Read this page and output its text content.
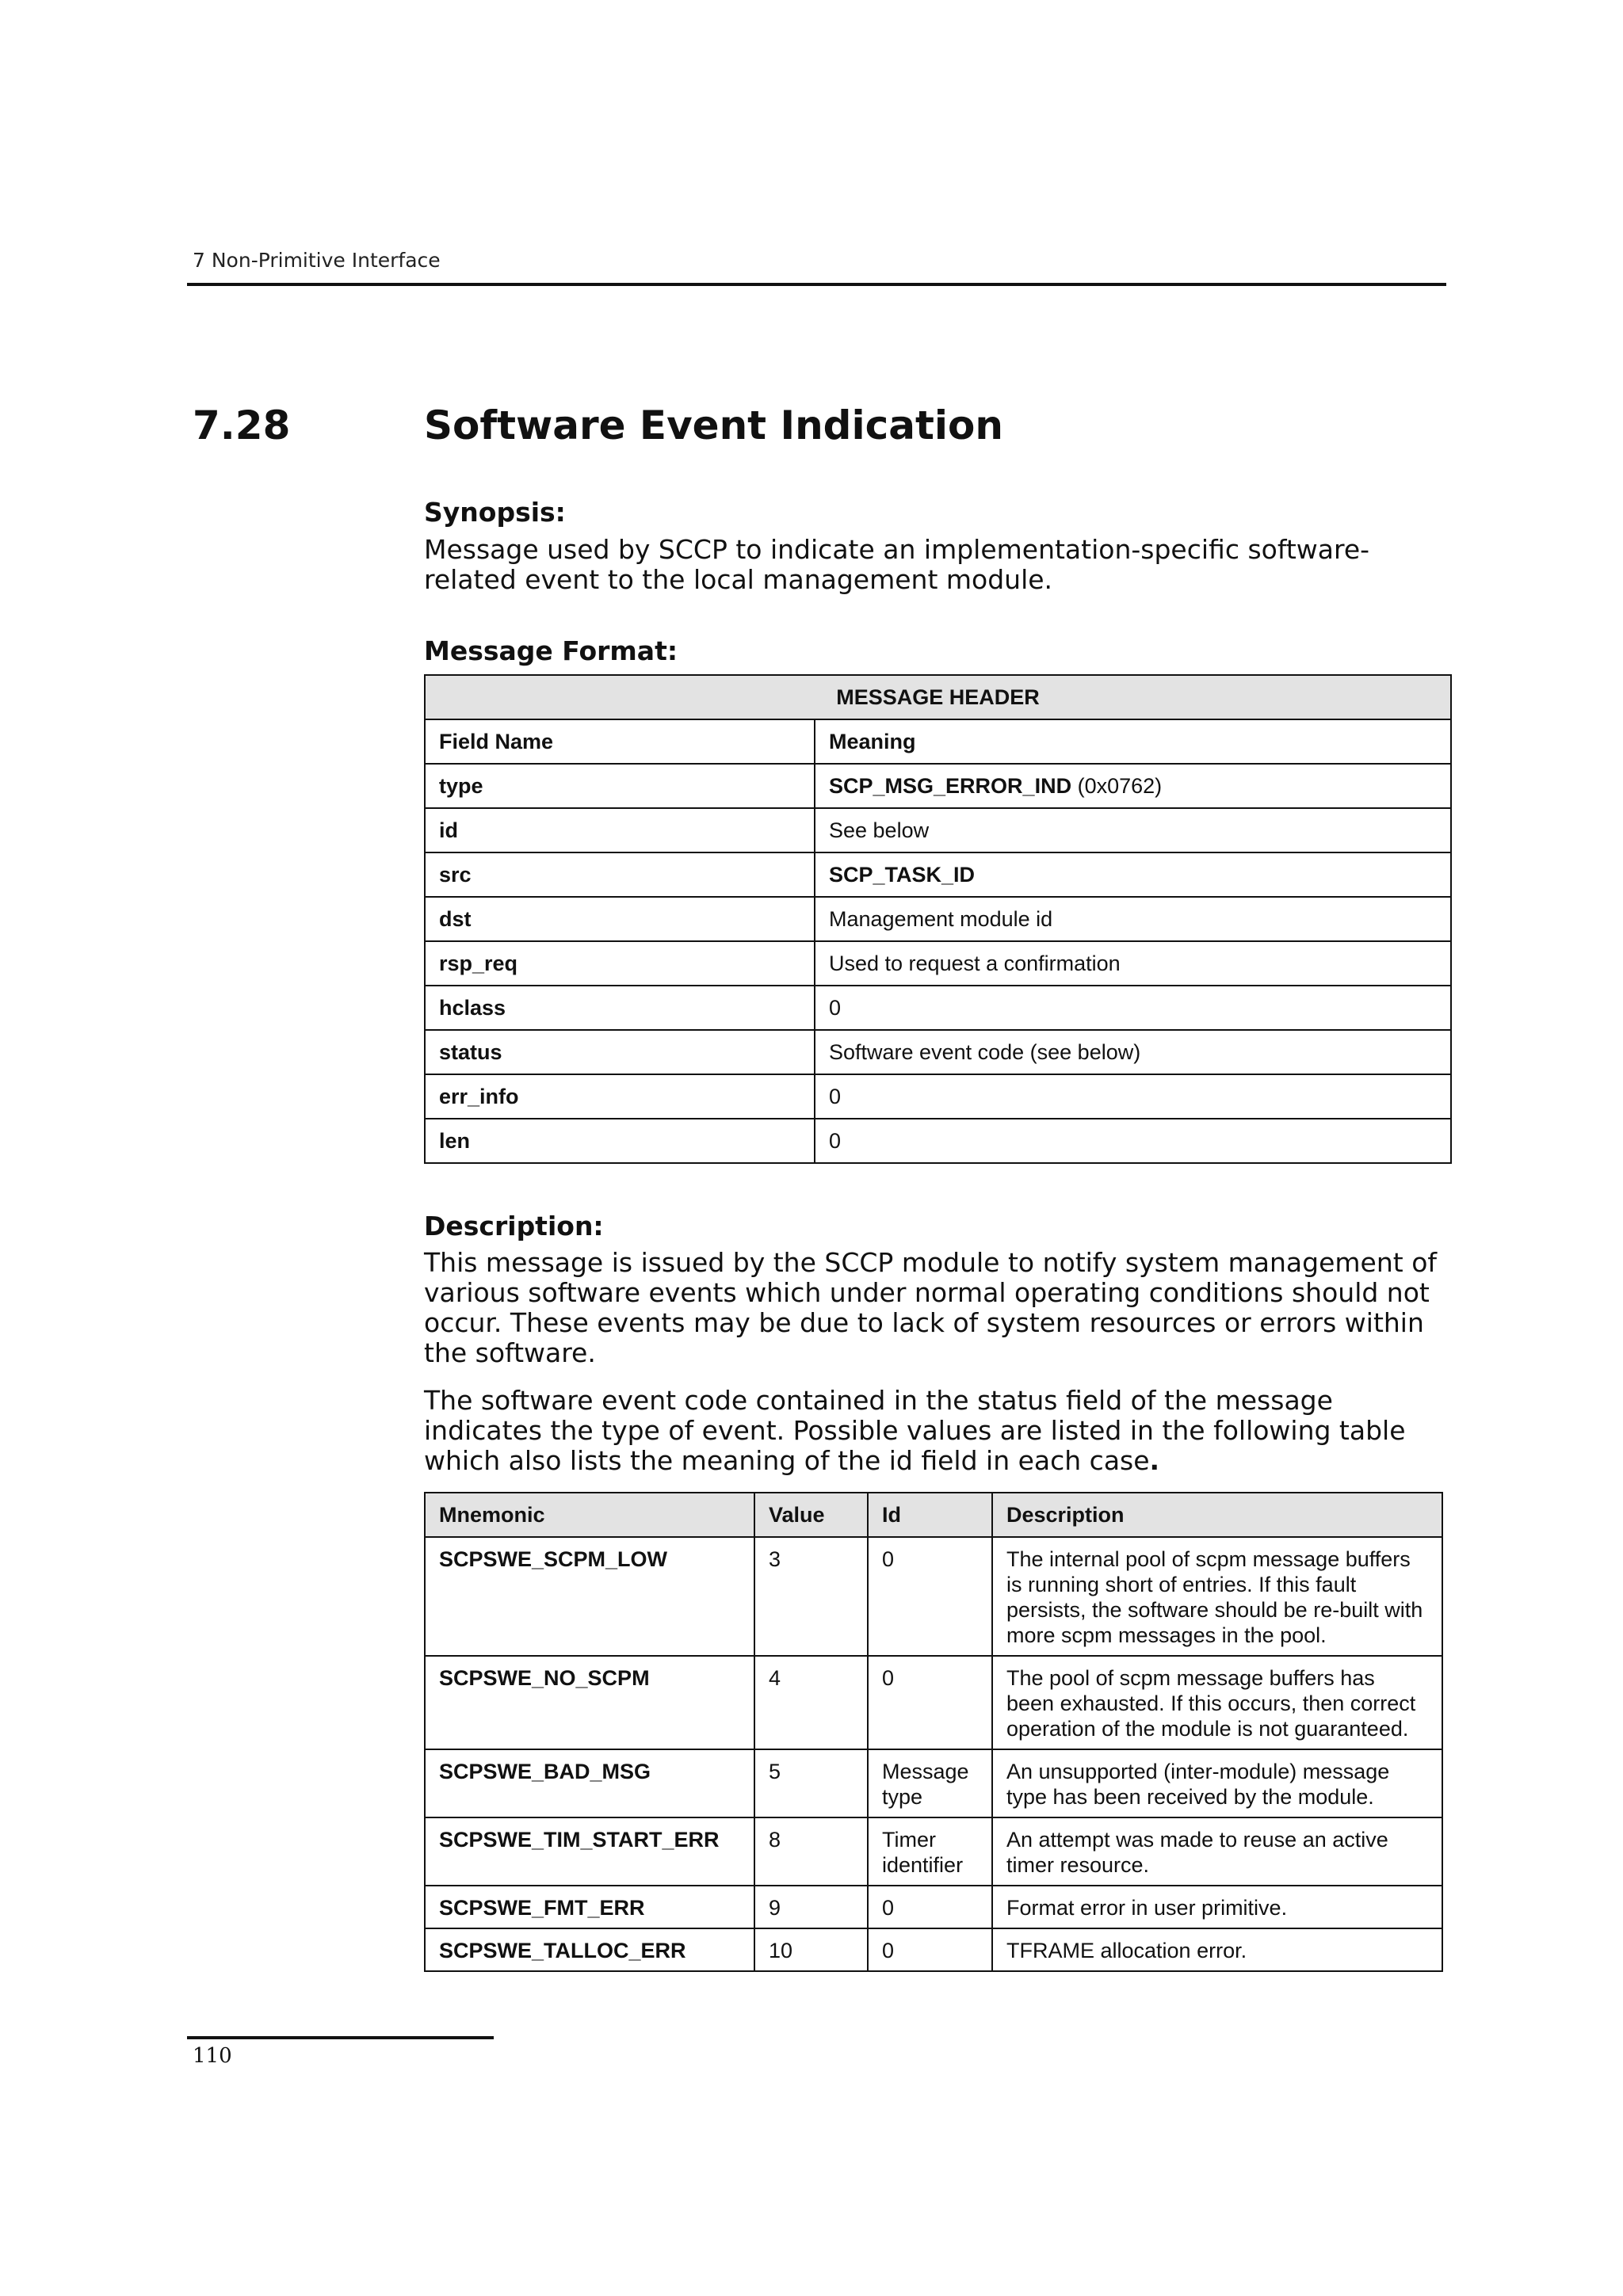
7 Non-Primitive Interface
7.28	Software Event Indication
Synopsis:

Message used by SCCP to indicate an implementation-specific software-related event to the local management module.

Message Format:
MESSAGE HEADER	
Field Name	Meaning
type	SCP_MSG_ERROR_IND (0x0762)
id	See below
src	SCP_TASK_ID
dst	Management module id
rsp_req	Used to request a confirmation
hclass	0
status	Software event code (see below)
err_info	0
len	0
Description:

This message is issued by the SCCP module to notify system management of various software events which under normal operating conditions should not occur. These events may be due to lack of system resources or errors within the software.

The software event code contained in the status field of the message indicates the type of event. Possible values are listed in the following table which also lists the meaning of the id field in each case.

Mnemonic	Value	Id	Description
SCPSWE_SCPM_LOW	3	0	The internal pool of scpm message buffers is running short of entries. If this fault persists, the software should be re-built with more scpm messages in the pool.
SCPSWE_NO_SCPM	4	0	The pool of scpm message buffers has been exhausted. If this occurs, then correct operation of the module is not guaranteed.
SCPSWE_BAD_MSG	5	Message type	An unsupported (inter-module) message type has been received by the module.
SCPSWE_TIM_START_ERR	8	Timer identifier	An attempt was made to reuse an active timer resource.
SCPSWE_FMT_ERR	9	0	Format error in user primitive.
SCPSWE_TALLOC_ERR	10	0	TFRAME allocation error.
110
